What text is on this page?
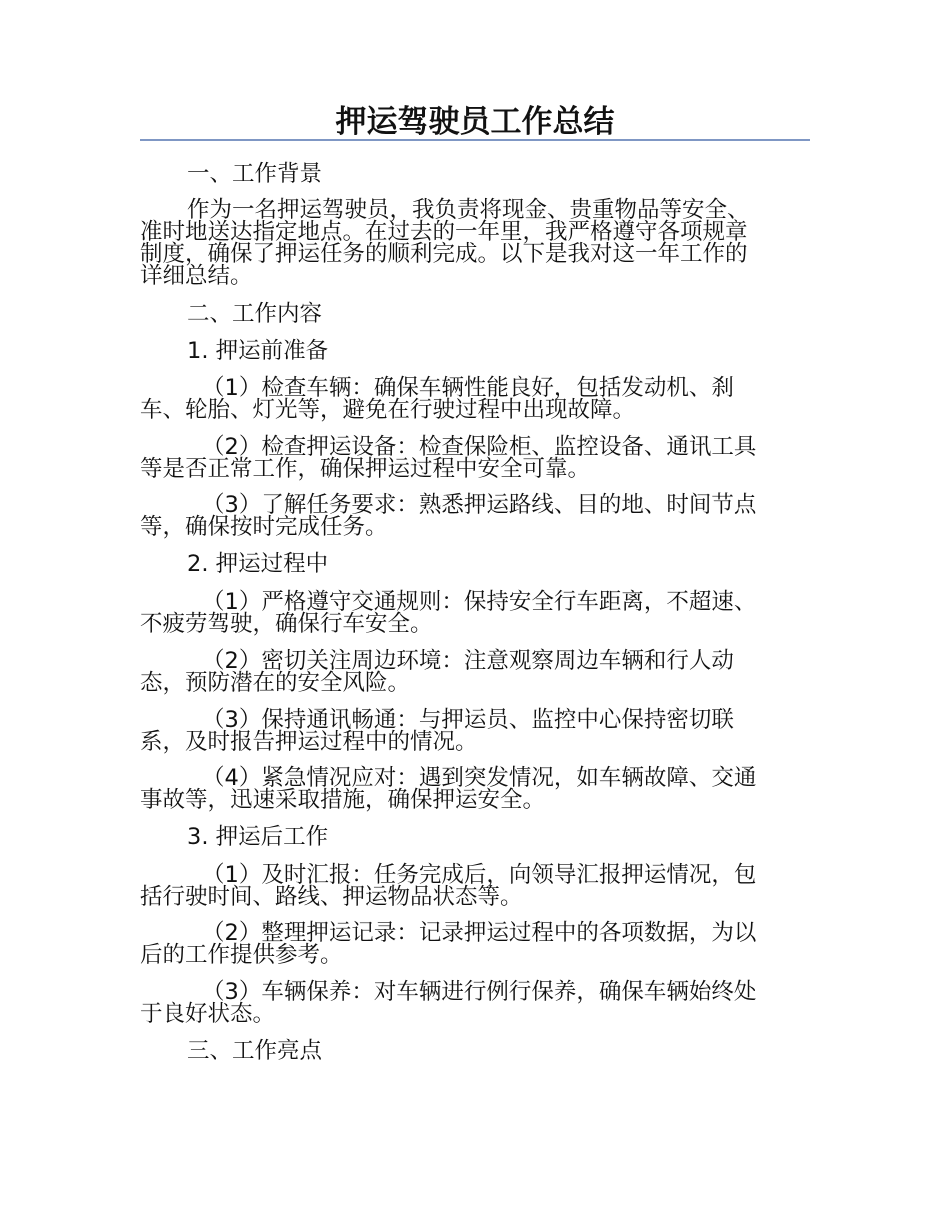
押运驾驶员工作总结

一、工作背景

作为一名押运驾驶员，我负责将现金、贵重物品等安全、
准时地送达指定地点。在过去的一年里，我严格遵守各项规章
制度，确保了押运任务的顺利完成。以下是我对这一年工作的
详细总结。

二、工作内容

1. 押运前准备

（1）检查车辆：确保车辆性能良好，包括发动机、刹
车、轮胎、灯光等，避免在行驶过程中出现故障。
（2）检查押运设备：检查保险柜、监控设备、通讯工具
等是否正常工作，确保押运过程中安全可靠。
（3）了解任务要求：熟悉押运路线、目的地、时间节点
等，确保按时完成任务。

2. 押运过程中

（1）严格遵守交通规则：保持安全行车距离，不超速、
不疲劳驾驶，确保行车安全。
（2）密切关注周边环境：注意观察周边车辆和行人动
态，预防潜在的安全风险。
（3）保持通讯畅通：与押运员、监控中心保持密切联
系，及时报告押运过程中的情况。
（4）紧急情况应对：遇到突发情况，如车辆故障、交通
事故等，迅速采取措施，确保押运安全。

3. 押运后工作

（1）及时汇报：任务完成后，向领导汇报押运情况，包
括行驶时间、路线、押运物品状态等。
（2）整理押运记录：记录押运过程中的各项数据，为以
后的工作提供参考。
（3）车辆保养：对车辆进行例行保养，确保车辆始终处
于良好状态。

三、工作亮点
